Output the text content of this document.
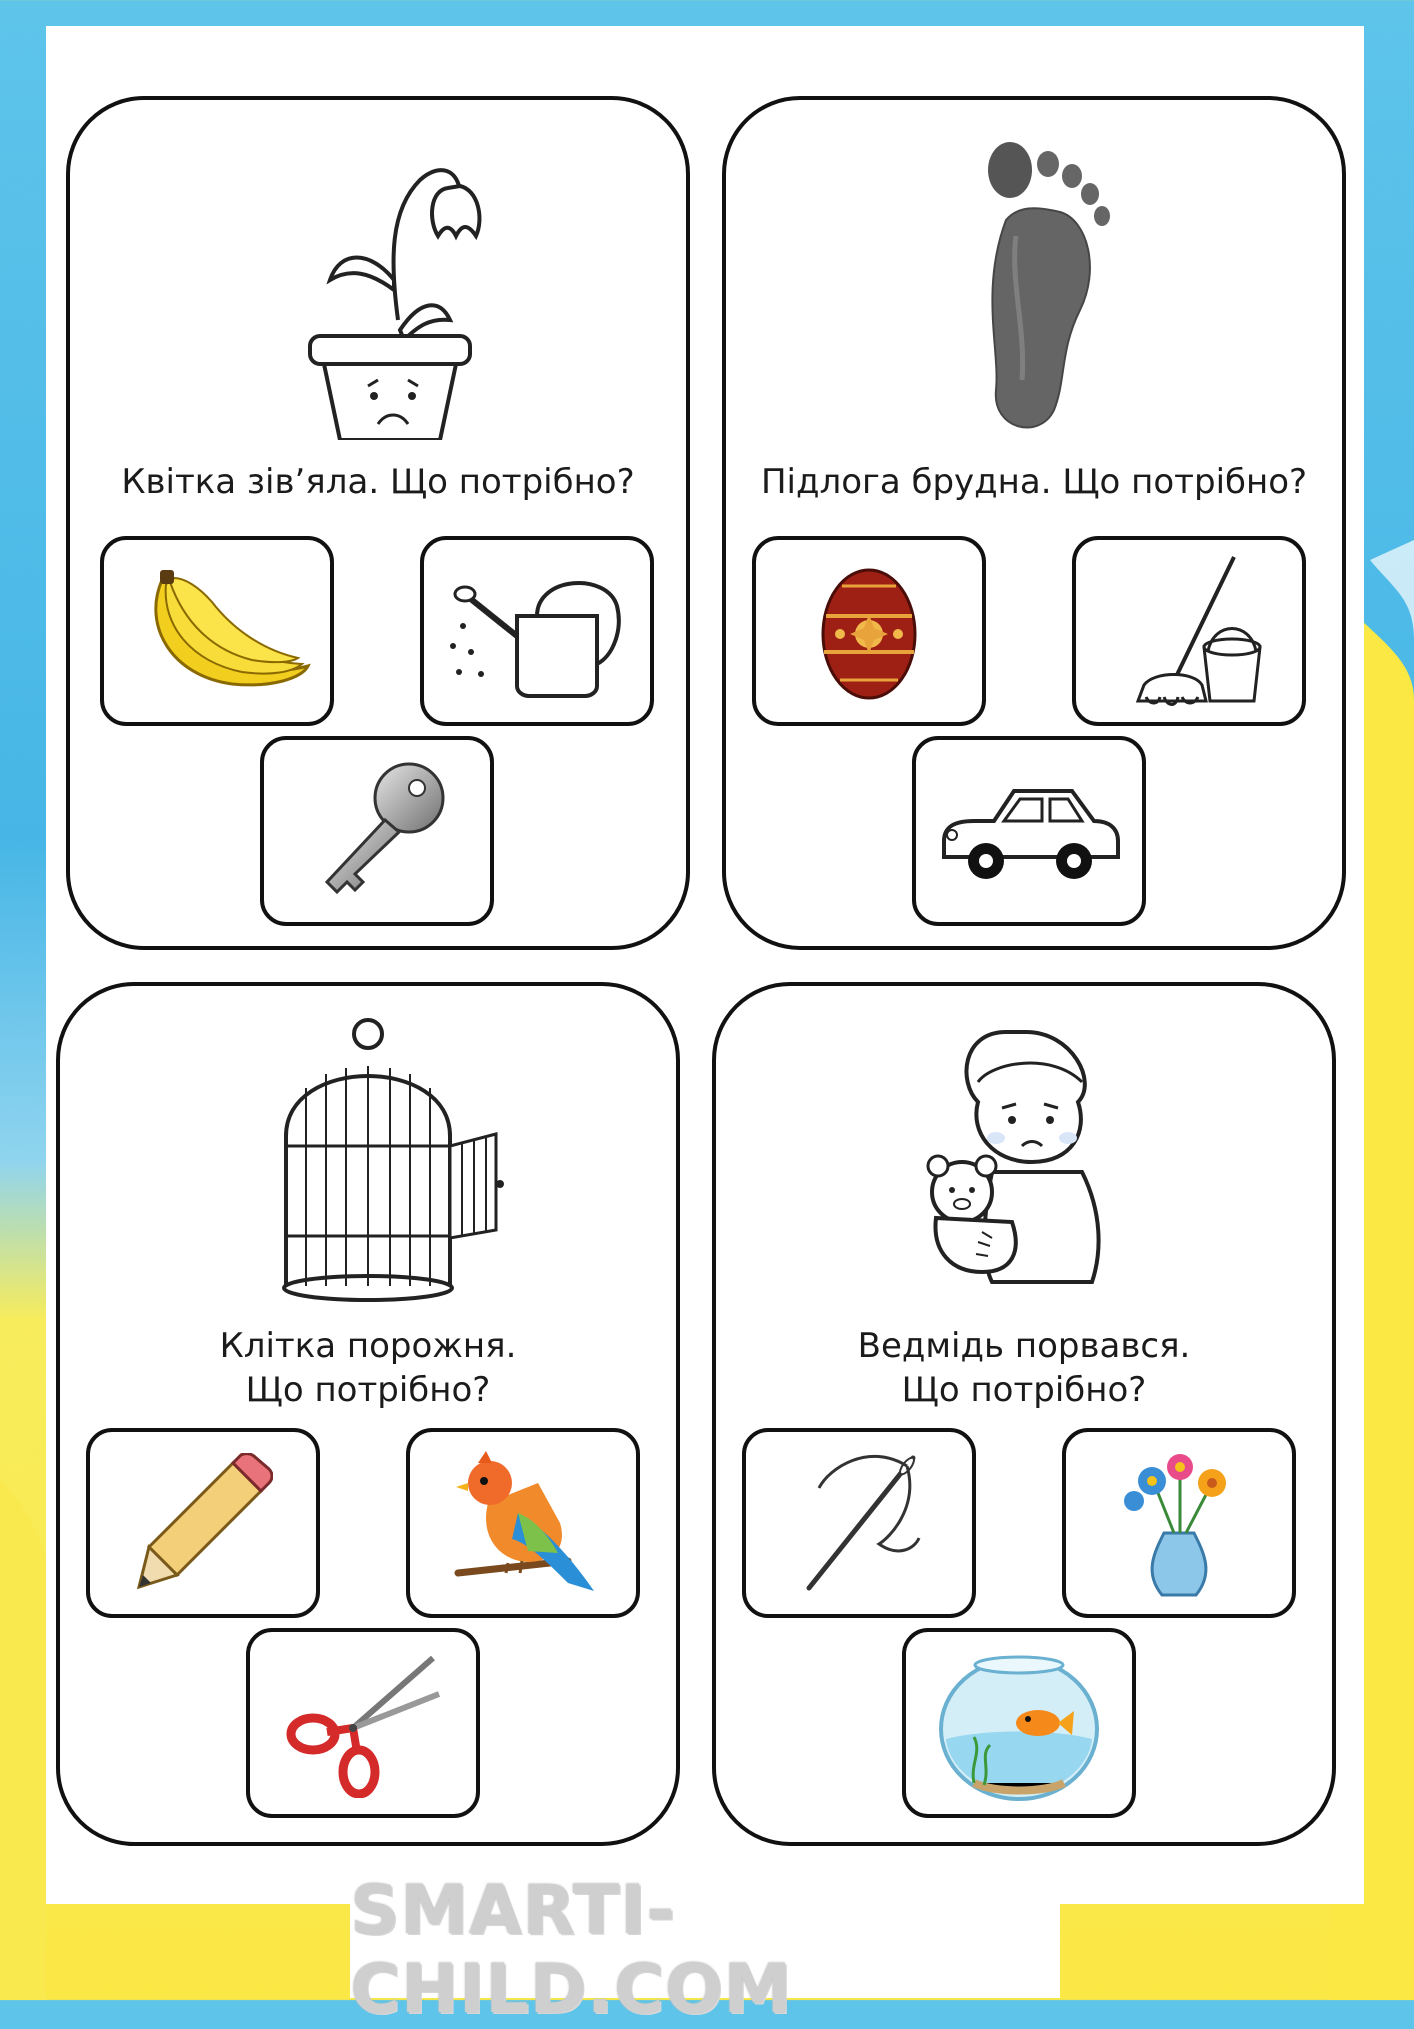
Квітка зів’яла. Що потрібно?	Підлога брудна. Що потрібно?

Клітка порожня.
Що потрібно?

Ведмідь порвався.
Що потрібно?

SMARTI-CHILD.COM
